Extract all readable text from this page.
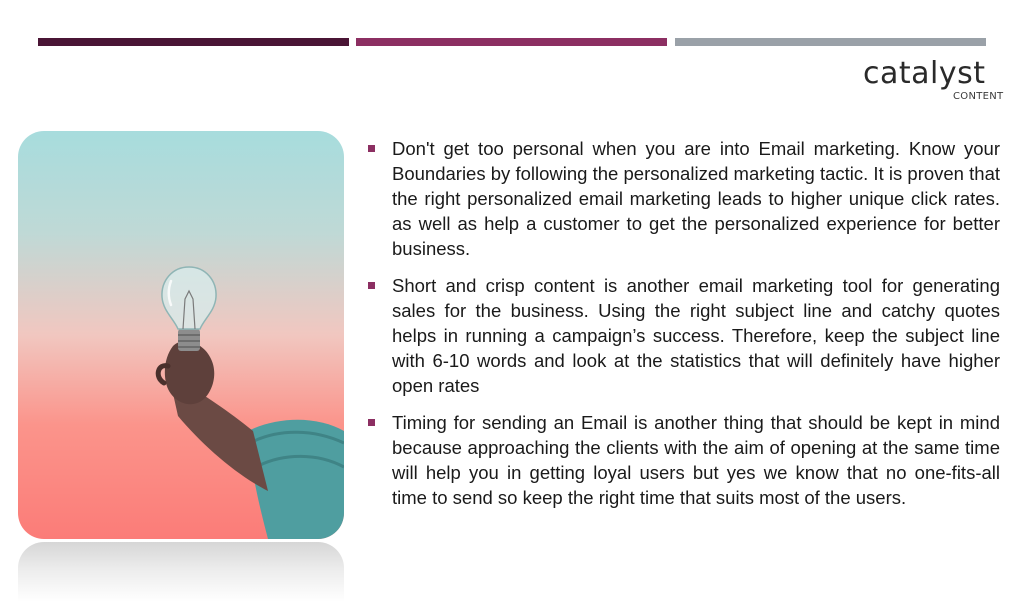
catalyst
CONTENT
Don't get too personal when you are into Email marketing. Know your Boundaries by following the personalized marketing tactic. It is proven that the right personalized email marketing leads to higher unique click rates. as well as help a customer to get the personalized experience for better business.
Short and crisp content is another email marketing tool for generating sales for the business. Using the right subject line and catchy quotes helps in running a campaign’s success. Therefore, keep the subject line with 6-10 words and look at the statistics that will definitely have higher open rates
Timing for sending an Email is another thing that should be kept in mind because approaching the clients with the aim of opening at the same time will help you in getting loyal users but yes we know that no one-fits-all time to send so keep the right time that suits most of the users.
